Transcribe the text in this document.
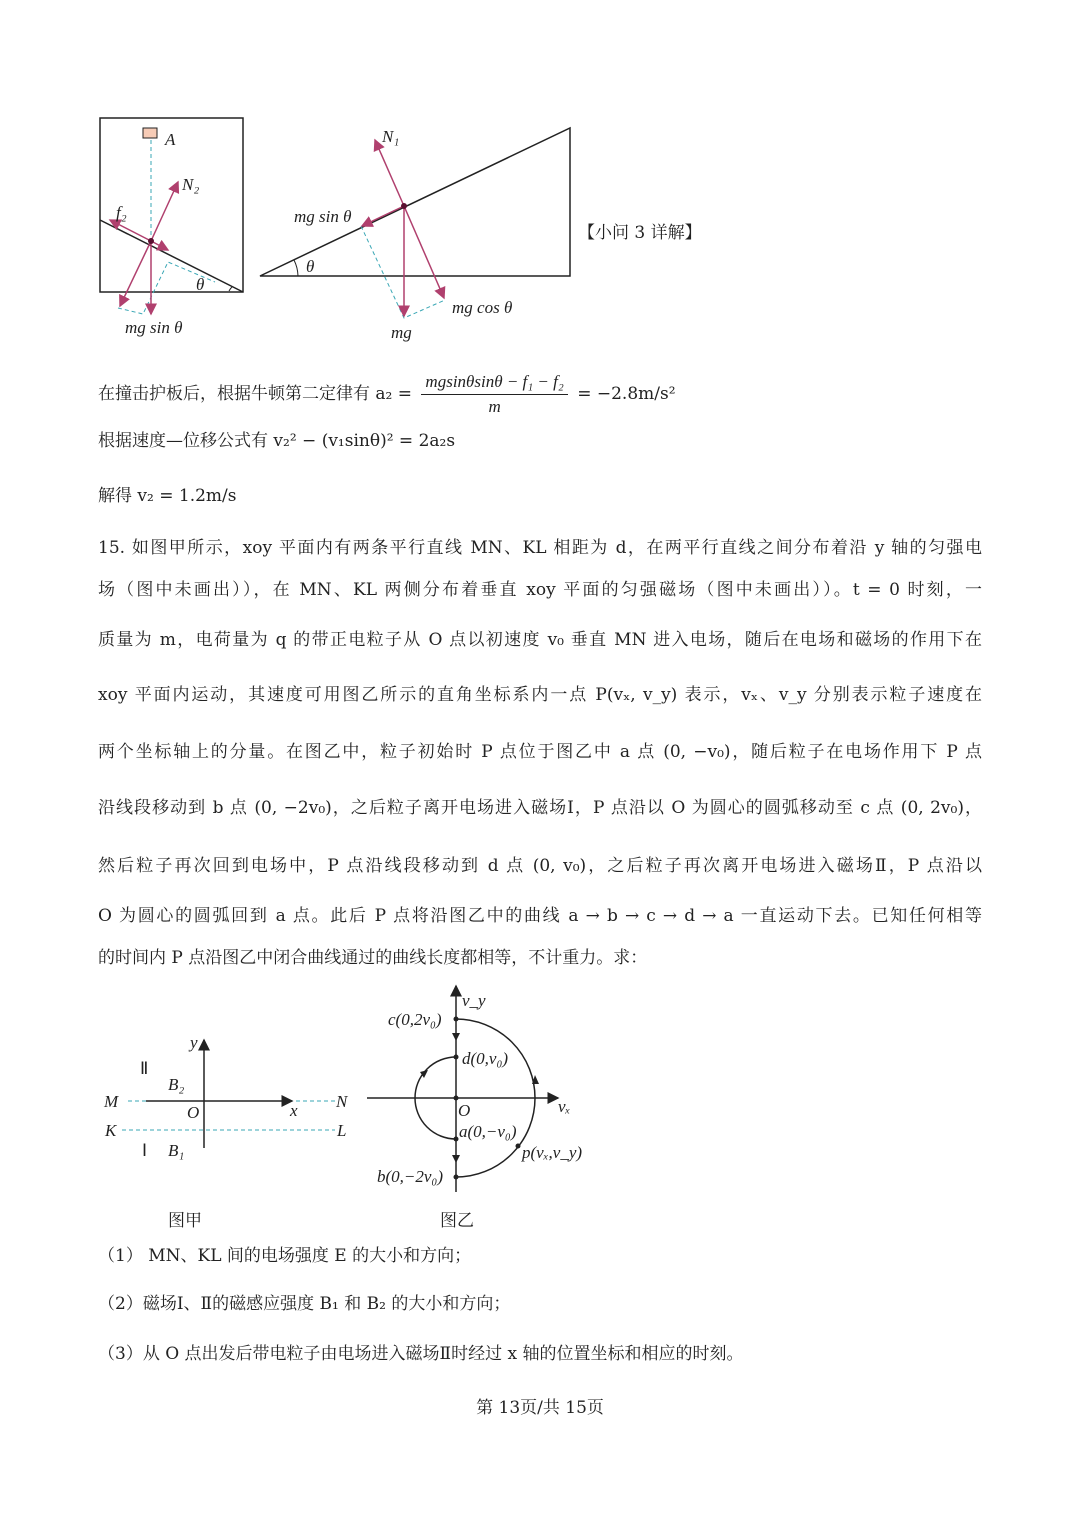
A
N₂
f₂
θ
mg sin θ
θ
N₁
mg sin θ
mg cos θ
mg
【小问 3 详解】
在撞击护板后，根据牛顿第二定律有 $a_2 = \frac{\text{mgsinθsinθ − f₁ − f₂}}{m} = -2.8m/s^2$
根据速度—位移公式有 v₂² − (v₁sinθ)² = 2a₂s
解得 v₂ = 1.2m/s
15. 如图甲所示，xoy 平面内有两条平行直线 MN、KL 相距为 d，在两平行直线之间分布着沿 y 轴的匀强电
场（图中未画出）），在 MN、KL 两侧分布着垂直 xoy 平面的匀强磁场（图中未画出））。t = 0 时刻，一
质量为 m，电荷量为 q 的带正电粒子从 O 点以初速度 v₀ 垂直 MN 进入电场，随后在电场和磁场的作用下在
xoy 平面内运动，其速度可用图乙所示的直角坐标系内一点 P(vₓ, v_y) 表示，vₓ、v_y 分别表示粒子速度在
两个坐标轴上的分量。在图乙中，粒子初始时 P 点位于图乙中 a 点 (0, −v₀)，随后粒子在电场作用下 P 点
沿线段移动到 b 点 (0, −2v₀)，之后粒子离开电场进入磁场Ⅰ，P 点沿以 O 为圆心的圆弧移动至 c 点 (0, 2v₀)，
然后粒子再次回到电场中，P 点沿线段移动到 d 点 (0, v₀)，之后粒子再次离开电场进入磁场Ⅱ，P 点沿以
O 为圆心的圆弧回到 a 点。此后 P 点将沿图乙中的曲线 a → b → c → d → a 一直运动下去。已知任何相等
的时间内 P 点沿图乙中闭合曲线通过的曲线长度都相等，不计重力。求：
y
x
O
M	N
K	L
Ⅱ
Ⅰ
B₂
B₁
图甲
v_y
vₓ
O
c(0,2v₀)
d(0,v₀)
a(0,−v₀)
b(0,−2v₀)
p(vₓ,v_y)
图乙
（1） MN、KL 间的电场强度 E 的大小和方向；
（2）磁场Ⅰ、Ⅱ的磁感应强度 B₁ 和 B₂ 的大小和方向；
（3）从 O 点出发后带电粒子由电场进入磁场Ⅱ时经过 x 轴的位置坐标和相应的时刻。
第 13页/共 15页
